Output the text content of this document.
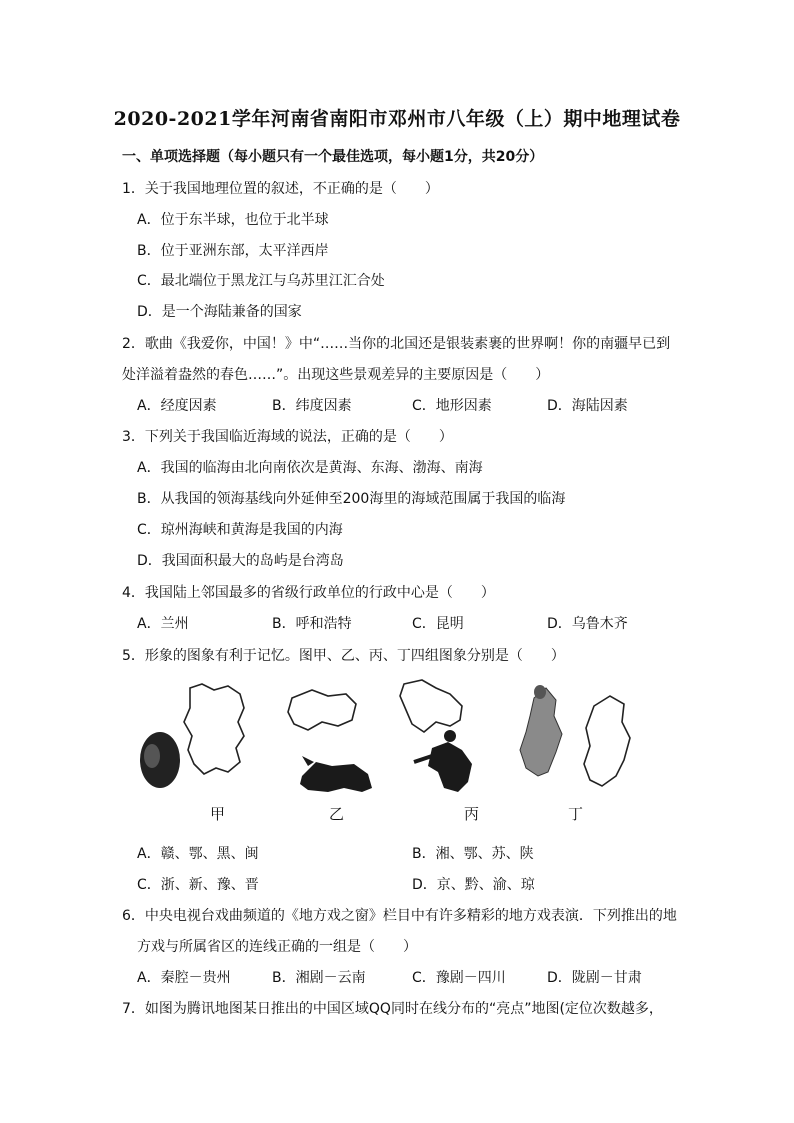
2020-2021学年河南省南阳市邓州市八年级（上）期中地理试卷
一、单项选择题（每小题只有一个最佳选项，每小题1分，共20分）
1．关于我国地理位置的叙述，不正确的是（　　）
A．位于东半球，也位于北半球
B．位于亚洲东部，太平洋西岸
C．最北端位于黑龙江与乌苏里江汇合处
D．是一个海陆兼备的国家
2．歌曲《我爱你，中国！》中“……当你的北国还是银装素裹的世界啊！你的南疆早已到
处洋溢着盎然的春色……”。出现这些景观差异的主要原因是（　　）
A．经度因素	B．纬度因素	C．地形因素	D．海陆因素
3．下列关于我国临近海域的说法，正确的是（　　）
A．我国的临海由北向南依次是黄海、东海、渤海、南海
B．从我国的领海基线向外延伸至200海里的海域范围属于我国的临海
C．琼州海峡和黄海是我国的内海
D．我国面积最大的岛屿是台湾岛
4．我国陆上邻国最多的省级行政单位的行政中心是（　　）
A．兰州	B．呼和浩特	C．昆明	D．乌鲁木齐
5．形象的图象有利于记忆。图甲、乙、丙、丁四组图象分别是（　　）
甲	乙	丙	丁
A．赣、鄂、黑、闽	B．湘、鄂、苏、陕
C．浙、新、豫、晋	D．京、黔、渝、琼
6．中央电视台戏曲频道的《地方戏之窗》栏目中有许多精彩的地方戏表演．下列推出的地
方戏与所属省区的连线正确的一组是（　　）
A．秦腔－贵州	B．湘剧－云南	C．豫剧－四川	D．陇剧－甘肃
7．如图为腾讯地图某日推出的中国区域QQ同时在线分布的“亮点”地图(定位次数越多，
